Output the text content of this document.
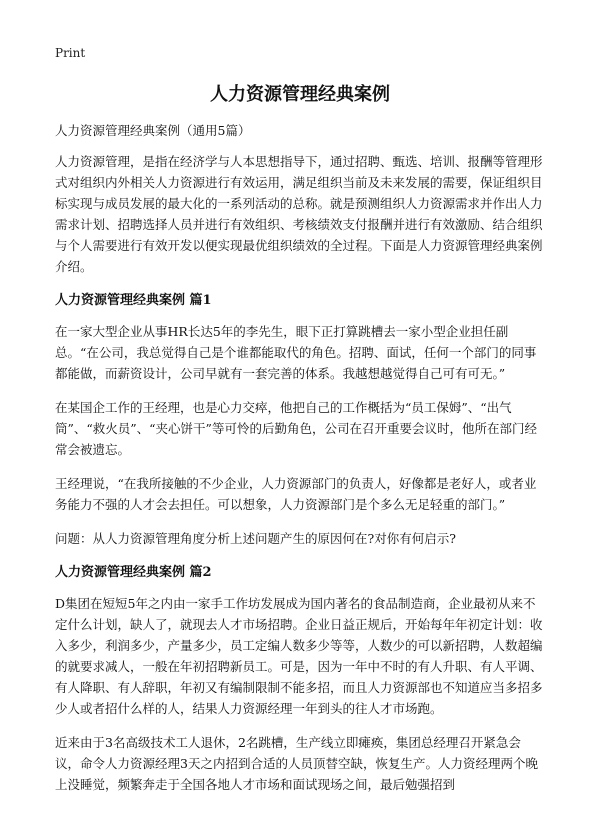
Print
人力资源管理经典案例

人力资源管理经典案例（通用5篇）

人力资源管理，是指在经济学与人本思想指导下，通过招聘、甄选、培训、报酬等管理形式对组织内外相关人力资源进行有效运用，满足组织当前及未来发展的需要，保证组织目标实现与成员发展的最大化的一系列活动的总称。就是预测组织人力资源需求并作出人力需求计划、招聘选择人员并进行有效组织、考核绩效支付报酬并进行有效激励、结合组织与个人需要进行有效开发以便实现最优组织绩效的全过程。下面是人力资源管理经典案例介绍。

人力资源管理经典案例 篇1

在一家大型企业从事HR长达5年的李先生，眼下正打算跳槽去一家小型企业担任副总。“在公司，我总觉得自己是个谁都能取代的角色。招聘、面试，任何一个部门的同事都能做，而薪资设计，公司早就有一套完善的体系。我越想越觉得自己可有可无。”

在某国企工作的王经理，也是心力交瘁，他把自己的工作概括为“员工保姆”、“出气筒”、“救火员”、“夹心饼干”等可怜的后勤角色，公司在召开重要会议时，他所在部门经常会被遗忘。

王经理说，“在我所接触的不少企业，人力资源部门的负责人，好像都是老好人，或者业务能力不强的人才会去担任。可以想象，人力资源部门是个多么无足轻重的部门。”

问题：从人力资源管理角度分析上述问题产生的原因何在?对你有何启示?

人力资源管理经典案例 篇2

D集团在短短5年之内由一家手工作坊发展成为国内著名的食品制造商，企业最初从来不定什么计划，缺人了，就现去人才市场招聘。企业日益正规后，开始每年年初定计划：收入多少，利润多少，产量多少，员工定编人数多少等等，人数少的可以新招聘，人数超编的就要求减人，一般在年初招聘新员工。可是，因为一年中不时的有人升职、有人平调、有人降职、有人辞职，年初又有编制限制不能多招，而且人力资源部也不知道应当多招多少人或者招什么样的人，结果人力资源经理一年到头的往人才市场跑。

近来由于3名高级技术工人退休，2名跳槽，生产线立即瘫痪，集团总经理召开紧急会议，命令人力资源经理3天之内招到合适的人员顶替空缺，恢复生产。人力资经理两个晚上没睡觉，频繁奔走于全国各地人才市场和面试现场之间，最后勉强招到
